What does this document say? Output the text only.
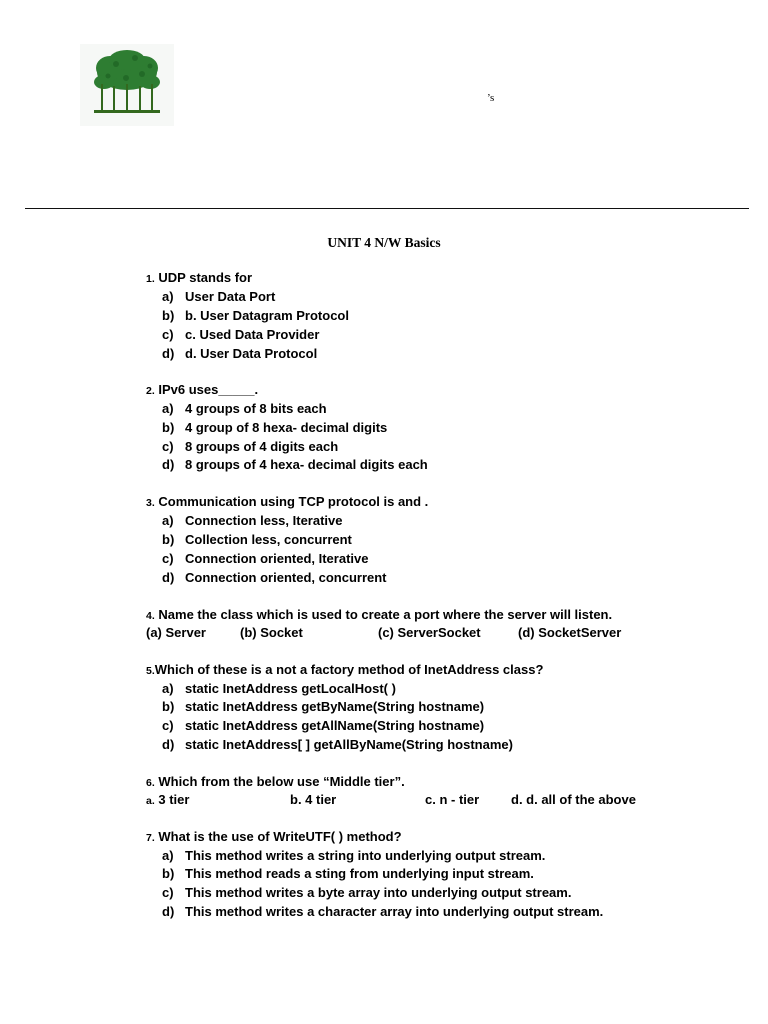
’s
UNIT 4 N/W Basics
1. UDP stands for
a) User Data Port
b) b. User Datagram Protocol
c) c. Used Data Provider
d) d. User Data Protocol
2. IPv6 uses_____.
a) 4 groups of 8 bits each
b) 4 group of 8 hexa- decimal digits
c) 8 groups of 4 digits each
d) 8 groups of 4 hexa- decimal digits each
3. Communication using TCP protocol is and .
a) Connection less, Iterative
b) Collection less, concurrent
c) Connection oriented, Iterative
d) Connection oriented, concurrent
4. Name the class which is used to create a port where the server will listen.
(a) Server	(b) Socket	(c) ServerSocket	(d) SocketServer
5.Which of these is a not a factory method of InetAddress class?
a) static InetAddress getLocalHost( )
b) static InetAddress getByName(String hostname)
c) static InetAddress getAllName(String hostname)
d) static InetAddress[ ] getAllByName(String hostname)
6. Which from the below use “Middle tier”.
a. 3 tier	b. 4 tier	c. n - tier d. d. all of the above
7. What is the use of WriteUTF( ) method?
a) This method writes a string into underlying output stream.
b) This method reads a sting from underlying input stream.
c) This method writes a byte array into underlying output stream.
d) This method writes a character array into underlying output stream.
